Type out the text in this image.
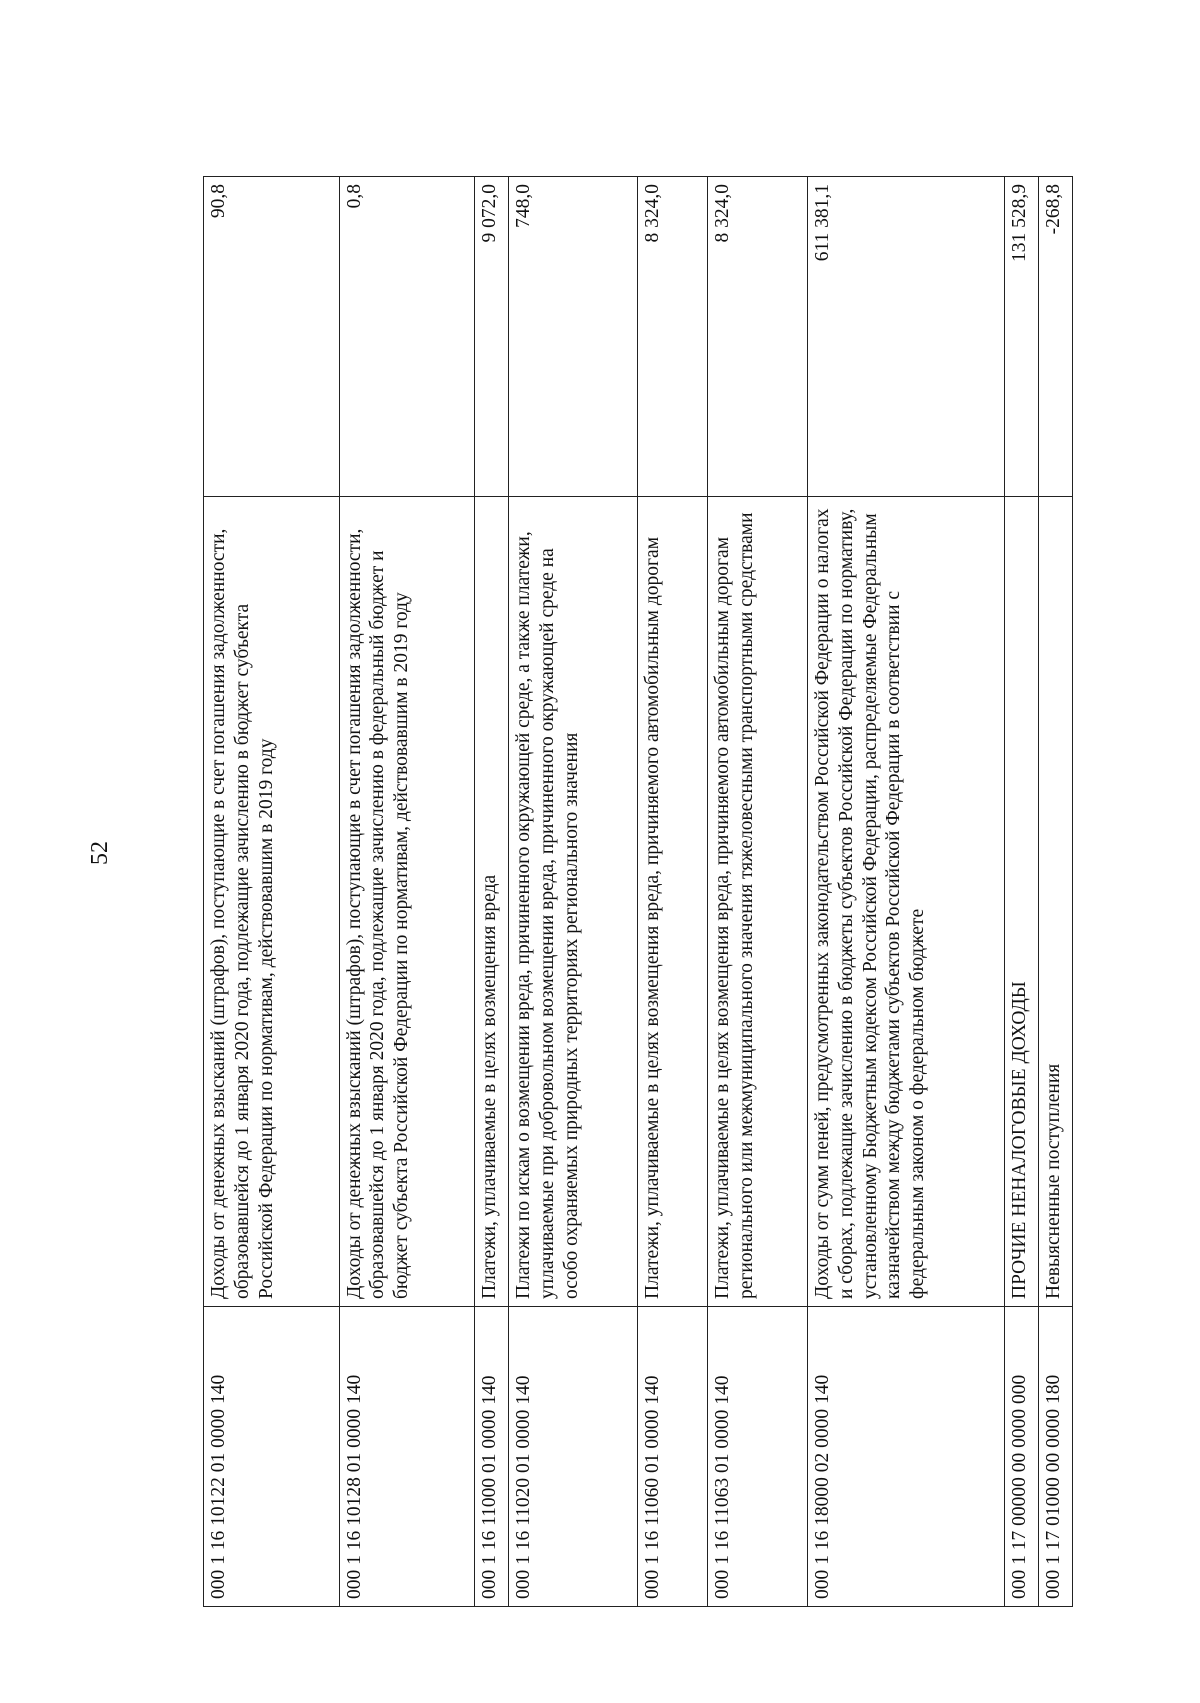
52
000 1 16 10122 01 0000 140	Доходы от денежных взысканий (штрафов), поступающие в счет погашения задолженности, образовавшейся до 1 января 2020 года, подлежащие зачислению в бюджет субъекта Российской Федерации по нормативам, действовавшим в 2019 году	90,8
000 1 16 10128 01 0000 140	Доходы от денежных взысканий (штрафов), поступающие в счет погашения задолженности, образовавшейся до 1 января 2020 года, подлежащие зачислению в федеральный бюджет и бюджет субъекта Российской Федерации по нормативам, действовавшим в 2019 году	0,8
000 1 16 11000 01 0000 140	Платежи, уплачиваемые в целях возмещения вреда	9 072,0
000 1 16 11020 01 0000 140	Платежи по искам о возмещении вреда, причиненного окружающей среде, а также платежи, уплачиваемые при добровольном возмещении вреда, причиненного окружающей среде на особо охраняемых природных территориях регионального значения	748,0
000 1 16 11060 01 0000 140	Платежи, уплачиваемые в целях возмещения вреда, причиняемого автомобильным дорогам	8 324,0
000 1 16 11063 01 0000 140	Платежи, уплачиваемые в целях возмещения вреда, причиняемого автомобильным дорогам регионального или межмуниципального значения тяжеловесными транспортными средствами	8 324,0
000 1 16 18000 02 0000 140	Доходы от сумм пеней, предусмотренных законодательством Российской Федерации о налогах и сборах, подлежащие зачислению в бюджеты субъектов Российской Федерации по нормативу, установленному Бюджетным кодексом Российской Федерации, распределяемые Федеральным казначейством между бюджетами субъектов Российской Федерации в соответствии с федеральным законом о федеральном бюджете	611 381,1
000 1 17 00000 00 0000 000	ПРОЧИЕ НЕНАЛОГОВЫЕ ДОХОДЫ	131 528,9
000 1 17 01000 00 0000 180	Невыясненные поступления	-268,8
